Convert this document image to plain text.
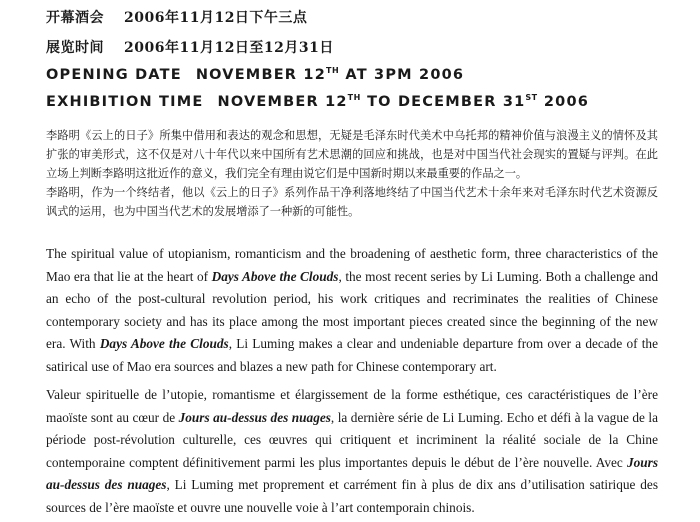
开幕酒会 2006年11月12日下午三点
展览时间 2006年11月12日至12月31日
OPENING DATE NOVEMBER 12TH AT 3PM 2006
EXHIBITION TIME NOVEMBER 12TH TO DECEMBER 31ST 2006

李路明《云上的日子》所集中借用和表达的观念和思想，无疑是毛泽东时代美术中乌托邦的精神价值与浪漫主义的情怀及其扩张的审美形式，这不仅是对八十年代以来中国所有艺术思潮的回应和挑战，也是对中国当代社会现实的置疑与评判。在此立场上判断李路明这批近作的意义，我们完全有理由说它们是中国新时期以来最重要的作品之一。

李路明，作为一个终结者，他以《云上的日子》系列作品干净利落地终结了中国当代艺术十余年来对毛泽东时代艺术资源反讽式的运用，也为中国当代艺术的发展增添了一种新的可能性。

The spiritual value of utopianism, romanticism and the broadening of aesthetic form, three characteristics of the Mao era that lie at the heart of Days Above the Clouds, the most recent series by Li Luming. Both a challenge and an echo of the post-cultural revolution period, his work critiques and recriminates the realities of Chinese contemporary society and has its place among the most important pieces created since the beginning of the new era. With Days Above the Clouds, Li Luming makes a clear and undeniable departure from over a decade of the satirical use of Mao era sources and blazes a new path for Chinese contemporary art.

Valeur spirituelle de l’utopie, romantisme et élargissement de la forme esthétique, ces caractéristiques de l’ère maoïste sont au cœur de Jours au-dessus des nuages, la dernière série de Li Luming. Echo et défi à la vague de la période post-révolution culturelle, ces œuvres qui critiquent et incriminent la réalité sociale de la Chine contemporaine comptent définitivement parmi les plus importantes depuis le début de l’ère nouvelle. Avec Jours au-dessus des nuages, Li Luming met proprement et carrément fin à plus de dix ans d’utilisation satirique des sources de l’ère maoïste et ouvre une nouvelle voie à l’art contemporain chinois.
